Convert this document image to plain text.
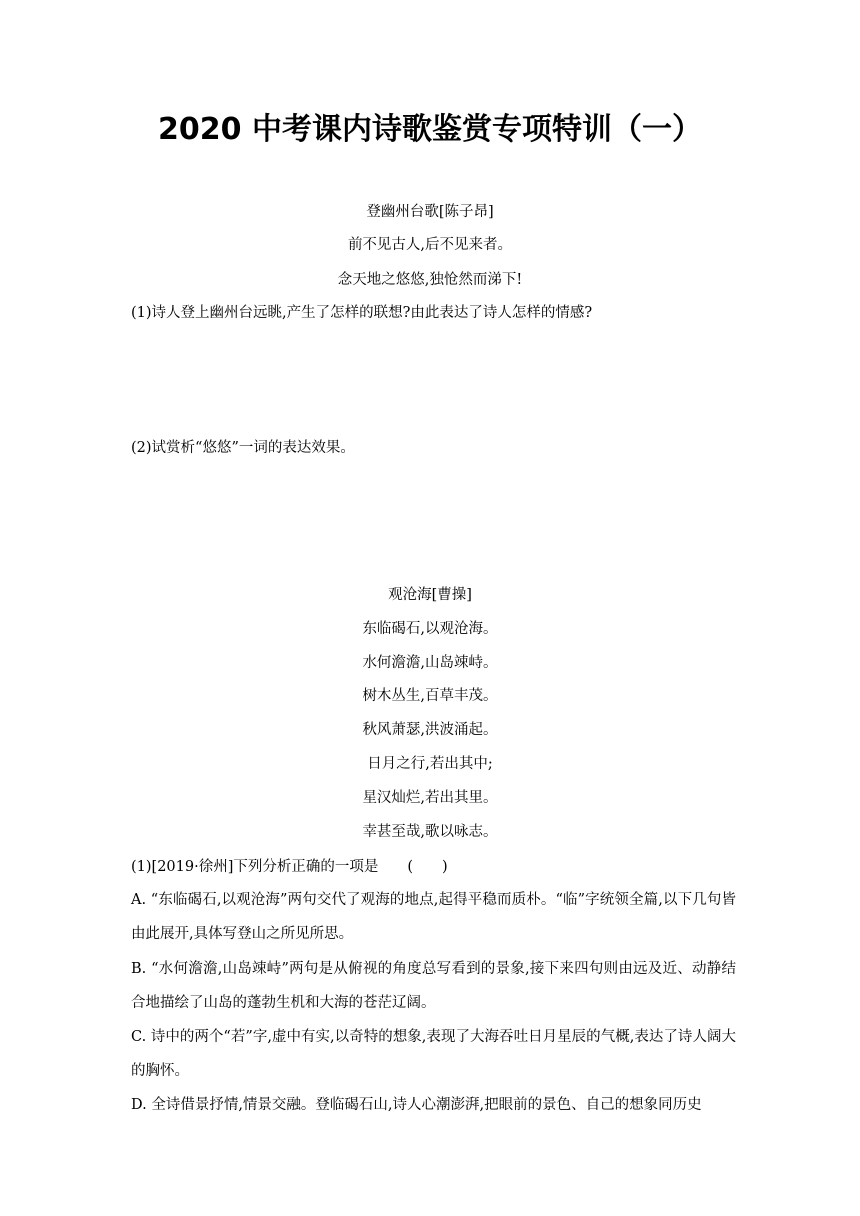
2020 中考课内诗歌鉴赏专项特训（一）
登幽州台歌[陈子昂]
前不见古人,后不见来者。
念天地之悠悠,独怆然而涕下!
(1)诗人登上幽州台远眺,产生了怎样的联想?由此表达了诗人怎样的情感?
(2)试赏析“悠悠”一词的表达效果。
观沧海[曹操]
东临碣石,以观沧海。
水何澹澹,山岛竦峙。
树木丛生,百草丰茂。
秋风萧瑟,洪波涌起。
日月之行,若出其中;
星汉灿烂,若出其里。
幸甚至哉,歌以咏志。
(1)[2019·徐州]下列分析正确的一项是　　(　　)
A. “东临碣石,以观沧海”两句交代了观海的地点,起得平稳而质朴。“临”字统领全篇,以下几句皆由此展开,具体写登山之所见所思。
B. “水何澹澹,山岛竦峙”两句是从俯视的角度总写看到的景象,接下来四句则由远及近、动静结合地描绘了山岛的蓬勃生机和大海的苍茫辽阔。
C. 诗中的两个“若”字,虚中有实,以奇特的想象,表现了大海吞吐日月星辰的气概,表达了诗人阔大的胸怀。
D. 全诗借景抒情,情景交融。登临碣石山,诗人心潮澎湃,把眼前的景色、自己的想象同历史
